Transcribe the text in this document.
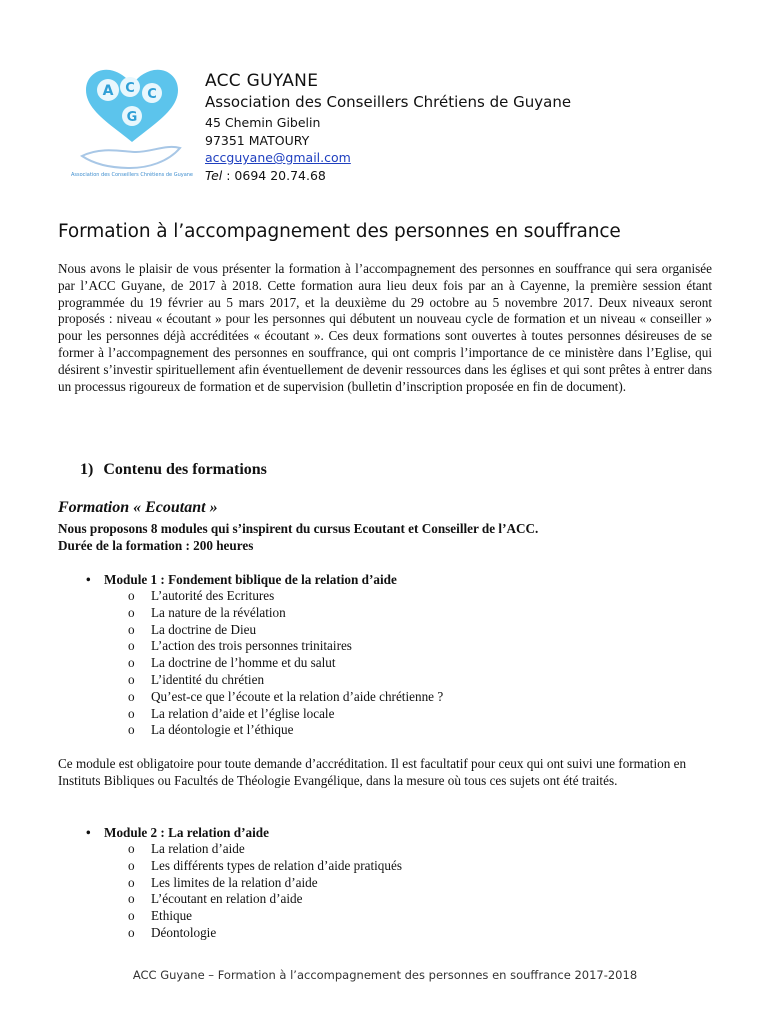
A C C
G
Association des Conseillers Chrétiens de Guyane
ACC GUYANE
Association des Conseillers Chrétiens de Guyane
45 Chemin Gibelin
97351 MATOURY
accguyane@gmail.com
Tel : 0694 20.74.68
Formation à l’accompagnement des personnes en souffrance

Nous avons le plaisir de vous présenter la formation à l’accompagnement des personnes en souffrance qui sera organisée par l’ACC Guyane, de 2017 à 2018. Cette formation aura lieu deux fois par an à Cayenne, la première session étant programmée du 19 février au 5 mars 2017, et la deuxième du 29 octobre au 5 novembre 2017. Deux niveaux seront proposés : niveau « écoutant » pour les personnes qui débutent un nouveau cycle de formation et un niveau « conseiller » pour les personnes déjà accréditées « écoutant ». Ces deux formations sont ouvertes à toutes personnes désireuses de se former à l’accompagnement des personnes en souffrance, qui ont compris l’importance de ce ministère dans l’Eglise, qui désirent s’investir spirituellement afin éventuellement de devenir ressources dans les églises et qui sont prêtes à entrer dans un processus rigoureux de formation et de supervision (bulletin d’inscription proposée en fin de document).

1) Contenu des formations
Formation « Ecoutant »
Nous proposons 8 modules qui s’inspirent du cursus Ecoutant et Conseiller de l’ACC.
Durée de la formation : 200 heures
• Module 1 : Fondement biblique de la relation d’aide
o L’autorité des Ecritures
o La nature de la révélation
o La doctrine de Dieu
o L’action des trois personnes trinitaires
o La doctrine de l’homme et du salut
o L’identité du chrétien
o Qu’est-ce que l’écoute et la relation d’aide chrétienne ?
o La relation d’aide et l’église locale
o La déontologie et l’éthique

Ce module est obligatoire pour toute demande d’accréditation. Il est facultatif pour ceux qui ont suivi une formation en Instituts Bibliques ou Facultés de Théologie Evangélique, dans la mesure où tous ces sujets ont été traités.

• Module 2 : La relation d’aide
o La relation d’aide
o Les différents types de relation d’aide pratiqués
o Les limites de la relation d’aide
o L’écoutant en relation d’aide
o Ethique
o Déontologie
ACC Guyane – Formation à l’accompagnement des personnes en souffrance 2017-2018
